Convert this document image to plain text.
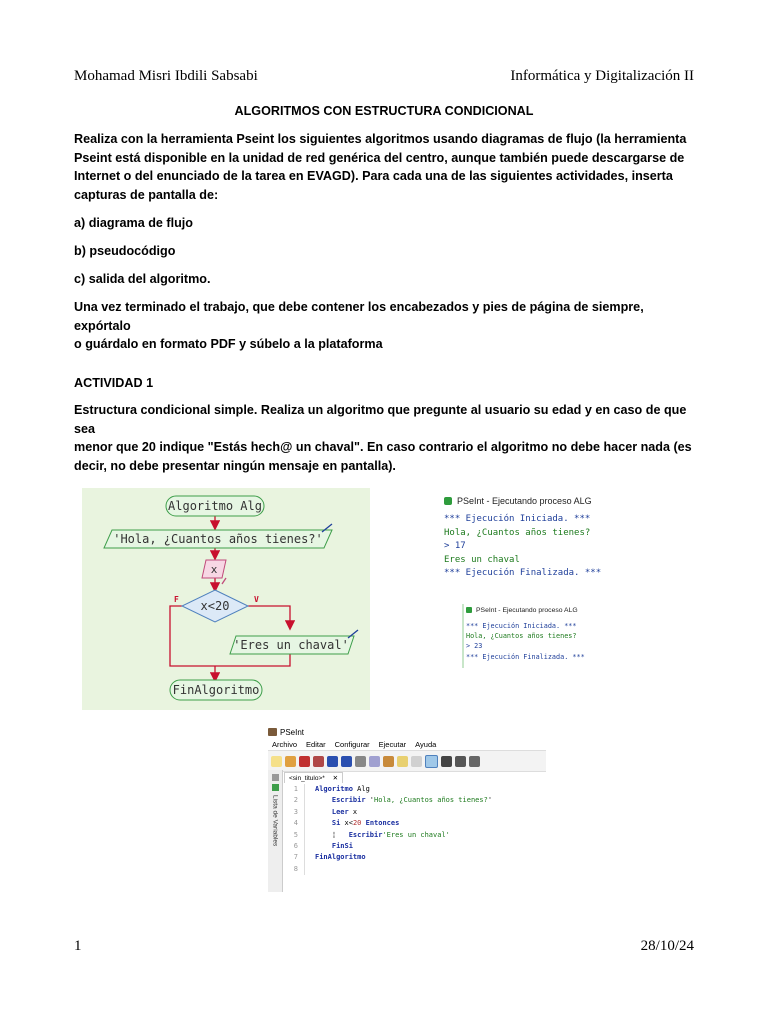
Mohamad Misri Ibdili Sabsabi	Informática y Digitalización II
ALGORITMOS CON ESTRUCTURA CONDICIONAL
Realiza con la herramienta Pseint los siguientes algoritmos usando diagramas de flujo (la herramienta
Pseint está disponible en la unidad de red genérica del centro, aunque también puede descargarse de
Internet o del enunciado de la tarea en EVAGD). Para cada una de las siguientes actividades, inserta
capturas de pantalla de:
a) diagrama de flujo
b) pseudocódigo
c) salida del algoritmo.
Una vez terminado el trabajo, que debe contener los encabezados y pies de página de siempre, expórtalo
o guárdalo en formato PDF y súbelo a la plataforma
ACTIVIDAD 1
Estructura condicional simple. Realiza un algoritmo que pregunte al usuario su edad y en caso de que sea
menor que 20 indique "Estás hech@ un chaval". En caso contrario el algoritmo no debe hacer nada (es
decir, no debe presentar ningún mensaje en pantalla).
Algoritmo Alg
'Hola, ¿Cuantos años tienes?'
x
x<20
F	V
'Eres un chaval'
FinAlgoritmo
PSeInt - Ejecutando proceso ALG
*** Ejecución Iniciada. ***
Hola, ¿Cuantos años tienes?
> 17
Eres un chaval
*** Ejecución Finalizada. ***
PSeInt - Ejecutando proceso ALG
*** Ejecución Iniciada. ***
Hola, ¿Cuantos años tienes?
> 23
*** Ejecución Finalizada. ***
PSeInt
Archivo Editar Configurar Ejecutar Ayuda
Lista de Variables
<sin_titulo>* ✕
1	Algoritmo Alg
2
	Escribir ' Hola, ¿Cuantos años tienes? '
3
	Leer x
4
	Si x< 20 Entonces
5	¦ Escribir 'Eres un chaval'
6
	FinSi
7	FinAlgoritmo
8
1	28/10/24
